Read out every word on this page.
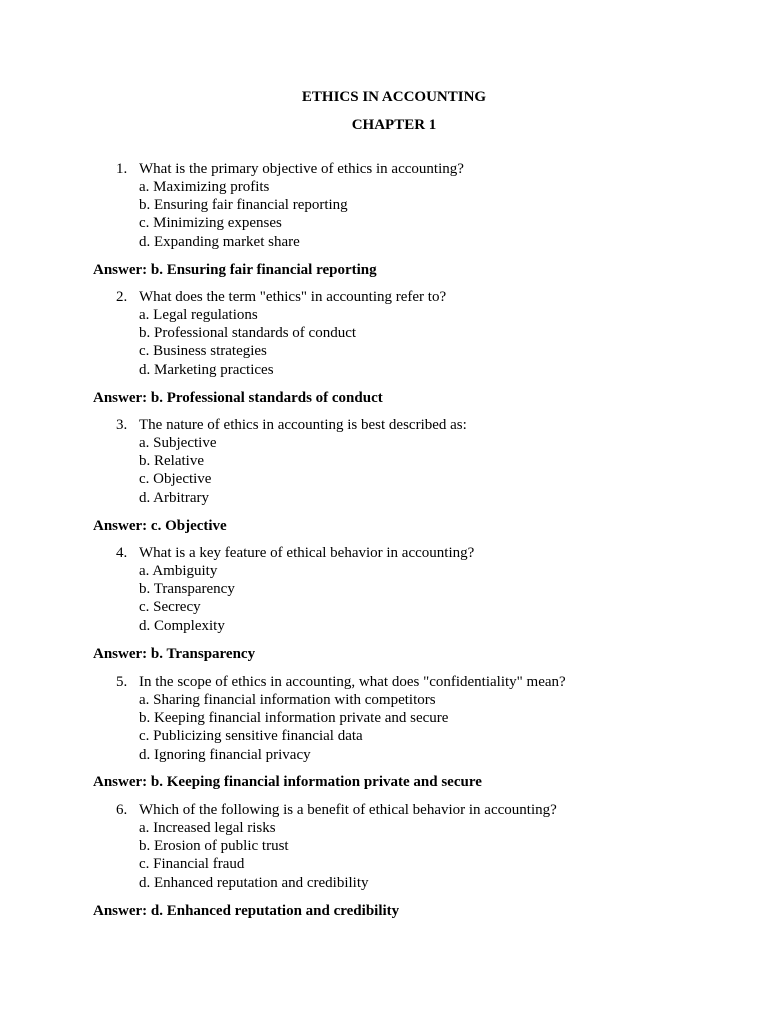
ETHICS IN ACCOUNTING
CHAPTER 1
1. What is the primary objective of ethics in accounting?
a. Maximizing profits
b. Ensuring fair financial reporting
c. Minimizing expenses
d. Expanding market share
Answer: b. Ensuring fair financial reporting
2. What does the term "ethics" in accounting refer to?
a. Legal regulations
b. Professional standards of conduct
c. Business strategies
d. Marketing practices
Answer: b. Professional standards of conduct
3. The nature of ethics in accounting is best described as:
a. Subjective
b. Relative
c. Objective
d. Arbitrary
Answer: c. Objective
4. What is a key feature of ethical behavior in accounting?
a. Ambiguity
b. Transparency
c. Secrecy
d. Complexity
Answer: b. Transparency
5. In the scope of ethics in accounting, what does "confidentiality" mean?
a. Sharing financial information with competitors
b. Keeping financial information private and secure
c. Publicizing sensitive financial data
d. Ignoring financial privacy
Answer: b. Keeping financial information private and secure
6. Which of the following is a benefit of ethical behavior in accounting?
a. Increased legal risks
b. Erosion of public trust
c. Financial fraud
d. Enhanced reputation and credibility
Answer: d. Enhanced reputation and credibility
